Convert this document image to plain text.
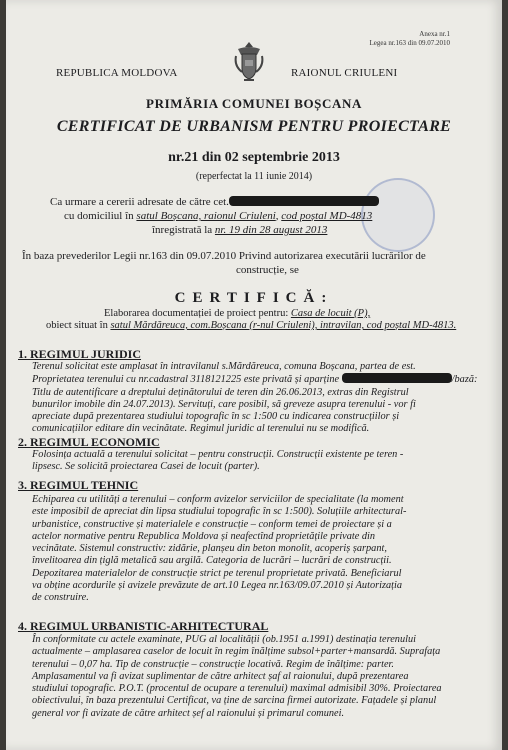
Anexa nr.1
Legea nr.163 din 09.07.2010
REPUBLICA MOLDOVA	RAIONUL CRIULENI
PRIMĂRIA COMUNEI BOȘCANA
CERTIFICAT DE URBANISM PENTRU PROIECTARE
nr.21 din 02 septembrie 2013
(reperfectat la 11 iunie 2014)
Ca urmare a cererii adresate de către cet.
cu domiciliul în satul Boșcana, raionul Criuleni, cod poștal MD-4813
înregistrată la nr. 19 din 28 august 2013
În baza prevederilor Legii nr.163 din 09.07.2010 Privind autorizarea executării lucrărilor de
construcție, se
CERTIFICĂ:
Elaborarea documentației de proiect pentru: Casa de locuit (P),
obiect situat în satul Mărdăreuca, com.Boșcana (r-nul Criuleni), intravilan, cod poștal MD-4813.
1. REGIMUL JURIDIC
Terenul solicitat este amplasat în intravilanul s.Mărdăreuca, comuna Boșcana, partea de est.
Proprietatea terenului cu nr.cadastral 3118121225 este privată și aparține	/bază:
Titlu de autentificare a dreptului deținătorului de teren din 26.06.2013, extras din Registrul
bunurilor imobile din 24.07.2013). Servituți, care posibil, să greveze asupra terenului - vor fi
apreciate după prezentarea studiului topografic în sc 1:500 cu indicarea construcțiilor și
comunicațiilor editare din vecinătate. Regimul juridic al terenului nu se modifică.
2. REGIMUL ECONOMIC
Folosința actuală a terenului solicitat – pentru construcții. Construcții existente pe teren -
lipsesc. Se solicită proiectarea Casei de locuit (parter).
3. REGIMUL TEHNIC
Echiparea cu utilități a terenului – conform avizelor serviciilor de specialitate (la moment
este imposibil de apreciat din lipsa studiului topografic în sc 1:500). Soluțiile arhitectural-
urbanistice, constructive și materialele e construcție – conform temei de proiectare și a
actelor normative pentru Republica Moldova și neafectînd proprietățile private din
vecinătate. Sistemul constructiv: zidărie, planșeu din beton monolit, acoperiș șarpant,
învelitoarea din țiglă metalică sau argilă. Categoria de lucrări – lucrări de construcții.
Depozitarea materialelor de construcție strict pe terenul proprietate privată. Beneficiarul
va obține acordurile și avizele prevăzute de art.10 Legea nr.163/09.07.2010 și Autorizația
de construire.
4. REGIMUL URBANISTIC-ARHITECTURAL
În conformitate cu actele examinate, PUG al localității (ob.1951 a.1991) destinația terenului
actualmente – amplasarea caselor de locuit în regim înălțime subsol+parter+mansardă. Suprafața
terenului – 0,07 ha. Tip de construcție – construcție locativă. Regim de înălțime: parter.
Amplasamentul va fi avizat suplimentar de către arhitect șaf al raionului, după prezentarea
studiului topografic. P.O.T. (procentul de ocupare a terenului) maximal admisibil 30%. Proiectarea
obiectivului, în baza prezentului Certificat, va ține de sarcina firmei autorizate. Fațadele și planul
general vor fi avizate de către arhitect șef al raionului și primarul comunei.
